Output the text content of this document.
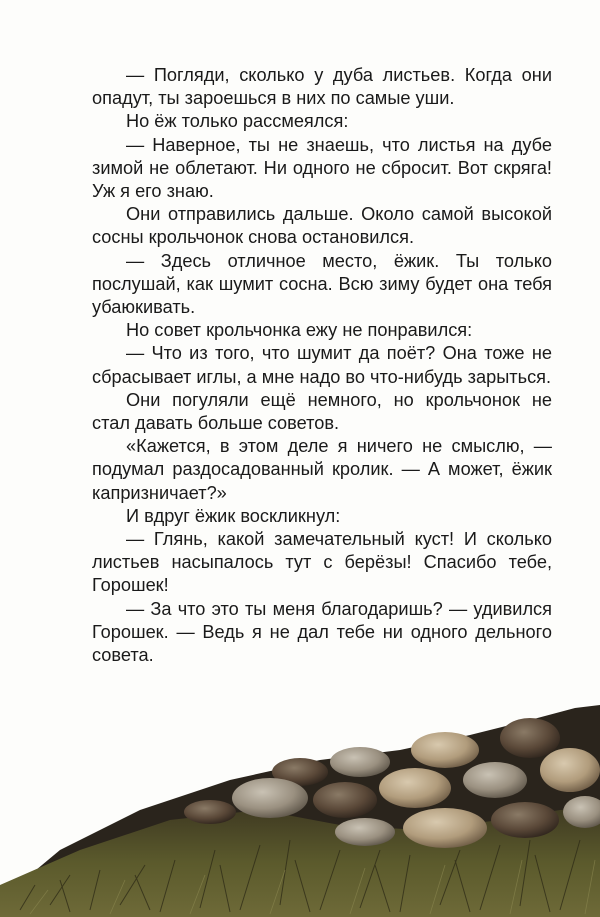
— Погляди, сколько у дуба листьев. Когда они опадут, ты зароешься в них по самые уши.

Но ёж только рассмеялся:

— Наверное, ты не знаешь, что листья на дубе зимой не облетают. Ни одного не сбросит. Вот скряга! Уж я его знаю.

Они отправились дальше. Около самой высокой сосны крольчонок снова остановился.

— Здесь отличное место, ёжик. Ты только послушай, как шумит сосна. Всю зиму будет она тебя убаюкивать.

Но совет крольчонка ежу не понравился:

— Что из того, что шумит да поёт? Она тоже не сбрасывает иглы, а мне надо во что-нибудь зарыться.

Они погуляли ещё немного, но крольчонок не стал давать больше советов.

«Кажется, в этом деле я ничего не смыслю, — подумал раздосадованный кролик. — А может, ёжик капризничает?»

И вдруг ёжик воскликнул:

— Глянь, какой замечательный куст! И сколько листьев насыпалось тут с берёзы! Спасибо тебе, Горошек!

— За что это ты меня благодаришь? — удивился Горошек. — Ведь я не дал тебе ни одного дельного совета.
